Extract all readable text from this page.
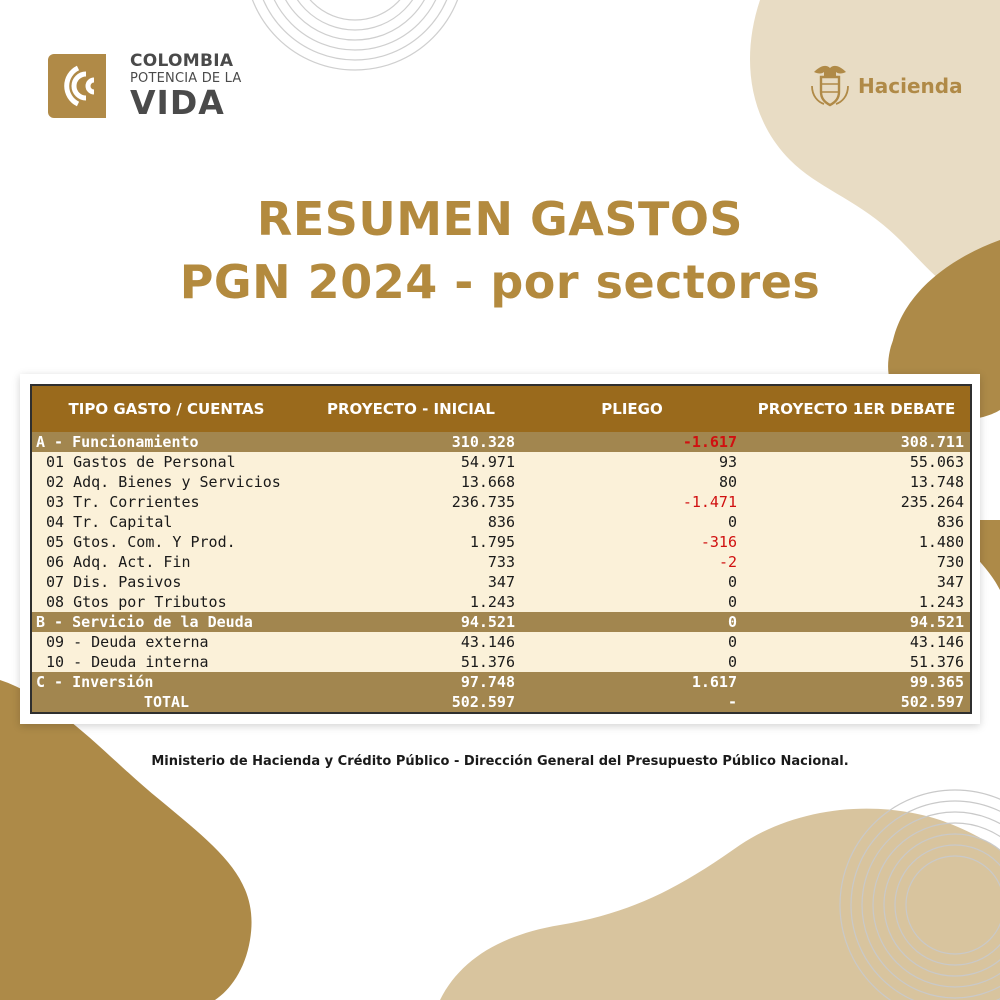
COLOMBIA
POTENCIA DE LA
VIDA	Hacienda
RESUMEN GASTOS
PGN 2024 - por sectores
TIPO GASTO / CUENTAS	PROYECTO - INICIAL	PLIEGO	PROYECTO 1ER DEBATE
A - Funcionamiento	310.328	-1.617	308.711
01 Gastos de Personal	54.971	93	55.063
02 Adq. Bienes y Servicios	13.668	80	13.748
03 Tr. Corrientes	236.735	-1.471	235.264
04 Tr. Capital	836	0	836
05 Gtos. Com. Y Prod.	1.795	-316	1.480
06 Adq. Act. Fin	733	-2	730
07 Dis. Pasivos	347	0	347
08 Gtos por Tributos	1.243	0	1.243
B - Servicio de la Deuda	94.521	0	94.521
09 - Deuda externa	43.146	0	43.146
10 - Deuda interna	51.376	0	51.376
C - Inversión	97.748	1.617	99.365
TOTAL	502.597	-	502.597
Ministerio de Hacienda y Crédito Público - Dirección General del Presupuesto Público Nacional.
